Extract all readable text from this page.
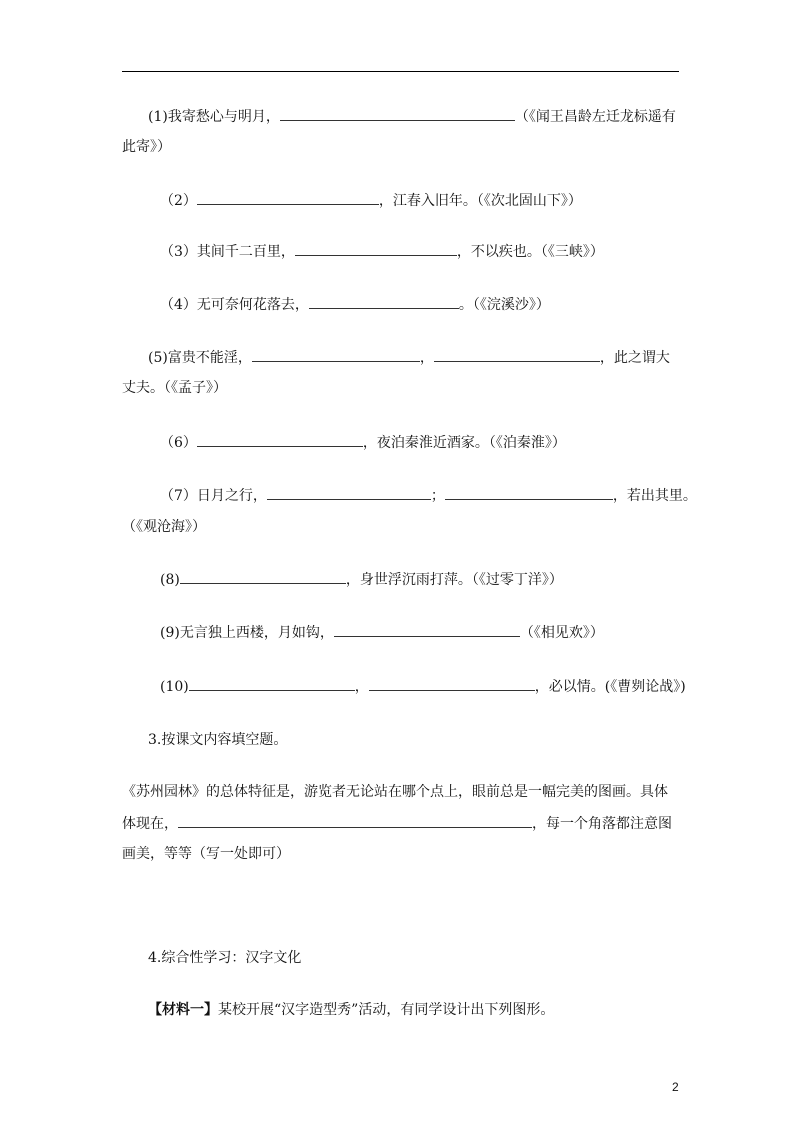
(1)我寄愁心与明月，	（《闻王昌龄左迁龙标遥有
此寄》）
（2）	，江春入旧年。（《次北固山下》）
（3）其间千二百里，	，不以疾也。（《三峡》）
（4）无可奈何花落去，	。（《浣溪沙》）
(5)富贵不能淫，	，	，此之谓大
丈夫。（《孟子》）
（6）	，夜泊秦淮近酒家。（《泊秦淮》）
（7）日月之行，	；	，若出其里。
（《观沧海》）
(8)	，身世浮沉雨打萍。（《过零丁洋》）
(9)无言独上西楼，月如钩，	（《相见欢》）
(10)	，	，必以情。(《曹刿论战》)
3.按课文内容填空题。
《苏州园林》的总体特征是，游览者无论站在哪个点上，眼前总是一幅完美的图画。具体
体现在，	，每一个角落都注意图
画美，等等（写一处即可）
4.综合性学习：汉字文化
【材料一】某校开展“汉字造型秀”活动，有同学设计出下列图形。
2
